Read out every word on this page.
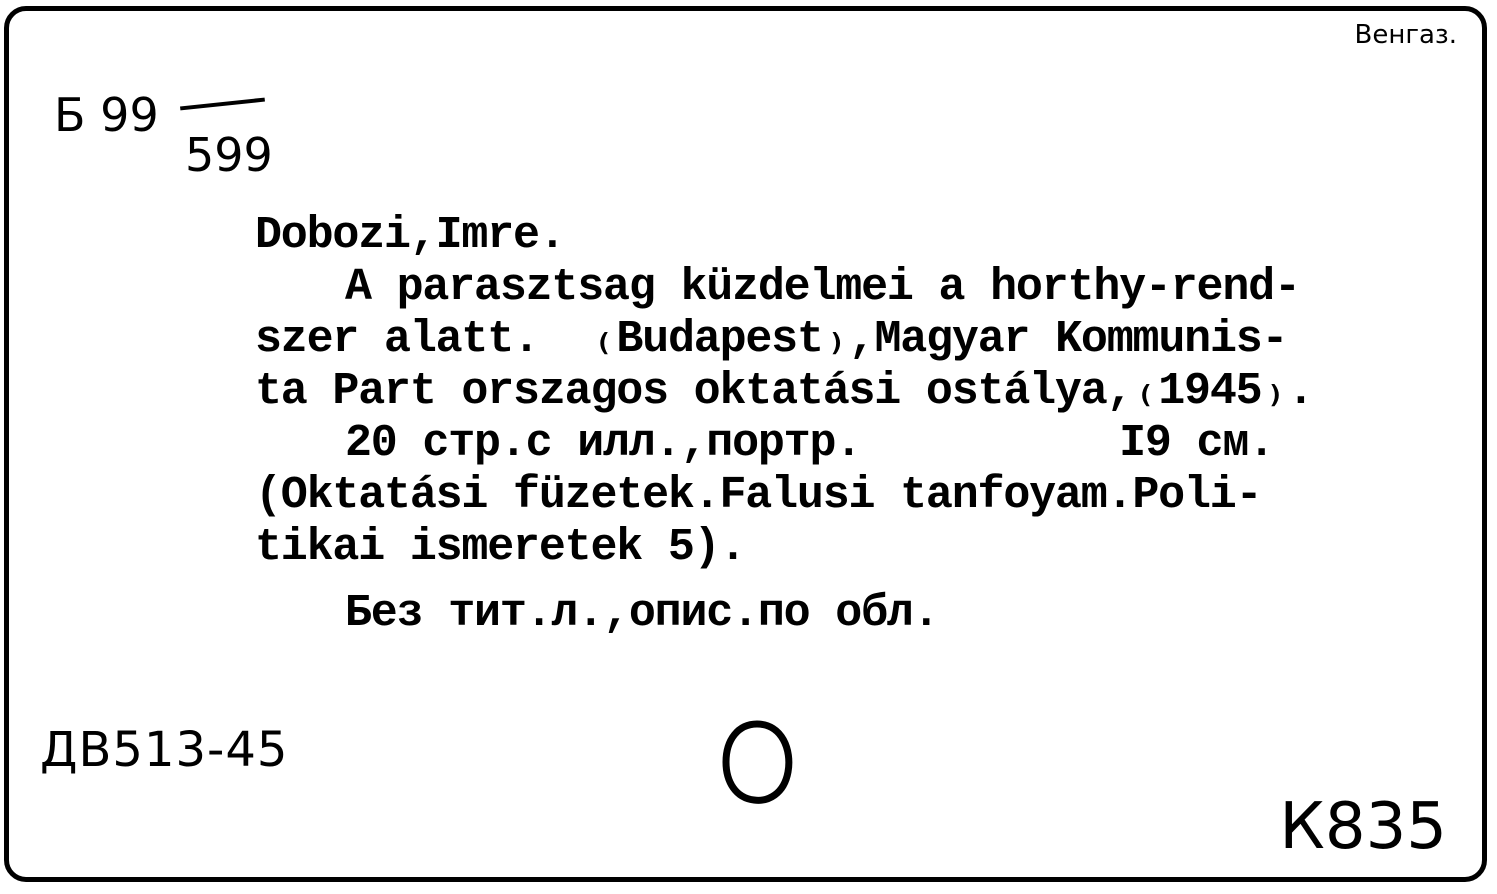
Б 99
599
Венгаз.
Dobozi,Imre.
A parasztsag küzdelmei a horthy-rend-
szer alatt.  ₍Budapest₎,Magyar Kommunis-
ta Part orszagos oktatási ostálya,₍1945₎.
20 стр.с илл.,портр.          I9 см.
(Oktatási füzetek.Falusi tanfoyam.Poli-
tikai ismeretek 5).
Без тит.л.,опис.по обл.
ДВ513-45
К835
